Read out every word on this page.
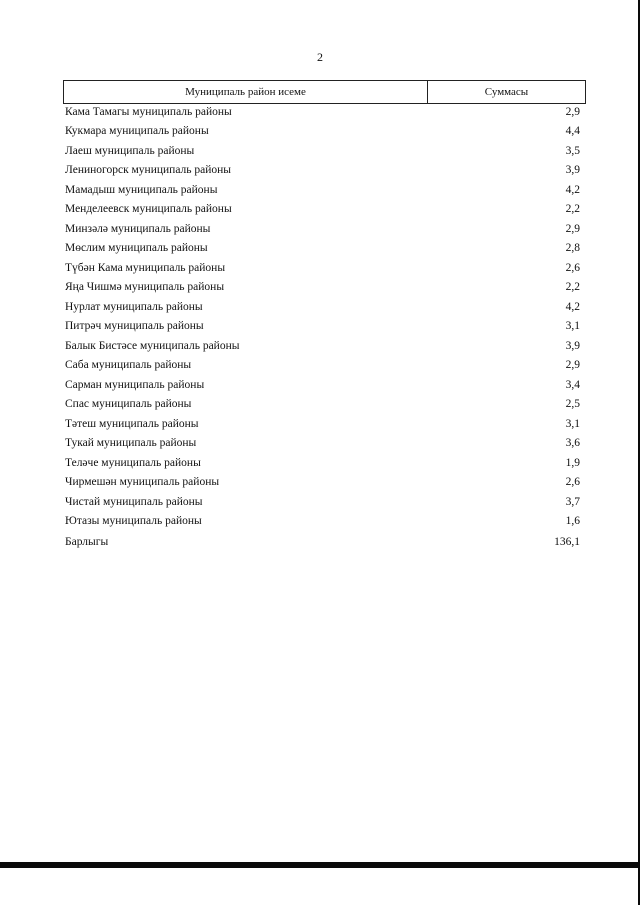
2
Муниципаль район исеме	Суммасы
Кама Тамагы муниципаль районы	2,9
Кукмара муниципаль районы	4,4
Лаеш муниципаль районы	3,5
Лениногорск муниципаль районы	3,9
Мамадыш муниципаль районы	4,2
Менделеевск муниципаль районы	2,2
Минзәлә муниципаль районы	2,9
Мөслим муниципаль районы	2,8
Түбән Кама муниципаль районы	2,6
Яңа Чишмә муниципаль районы	2,2
Нурлат муниципаль районы	4,2
Питрәч муниципаль районы	3,1
Балык Бистәсе муниципаль районы	3,9
Саба муниципаль районы	2,9
Сарман муниципаль районы	3,4
Спас муниципаль районы	2,5
Тәтеш муниципаль районы	3,1
Тукай муниципаль районы	3,6
Теләче муниципаль районы	1,9
Чирмешән муниципаль районы	2,6
Чистай муниципаль районы	3,7
Ютазы муниципаль районы	1,6
Барлыгы	136,1
